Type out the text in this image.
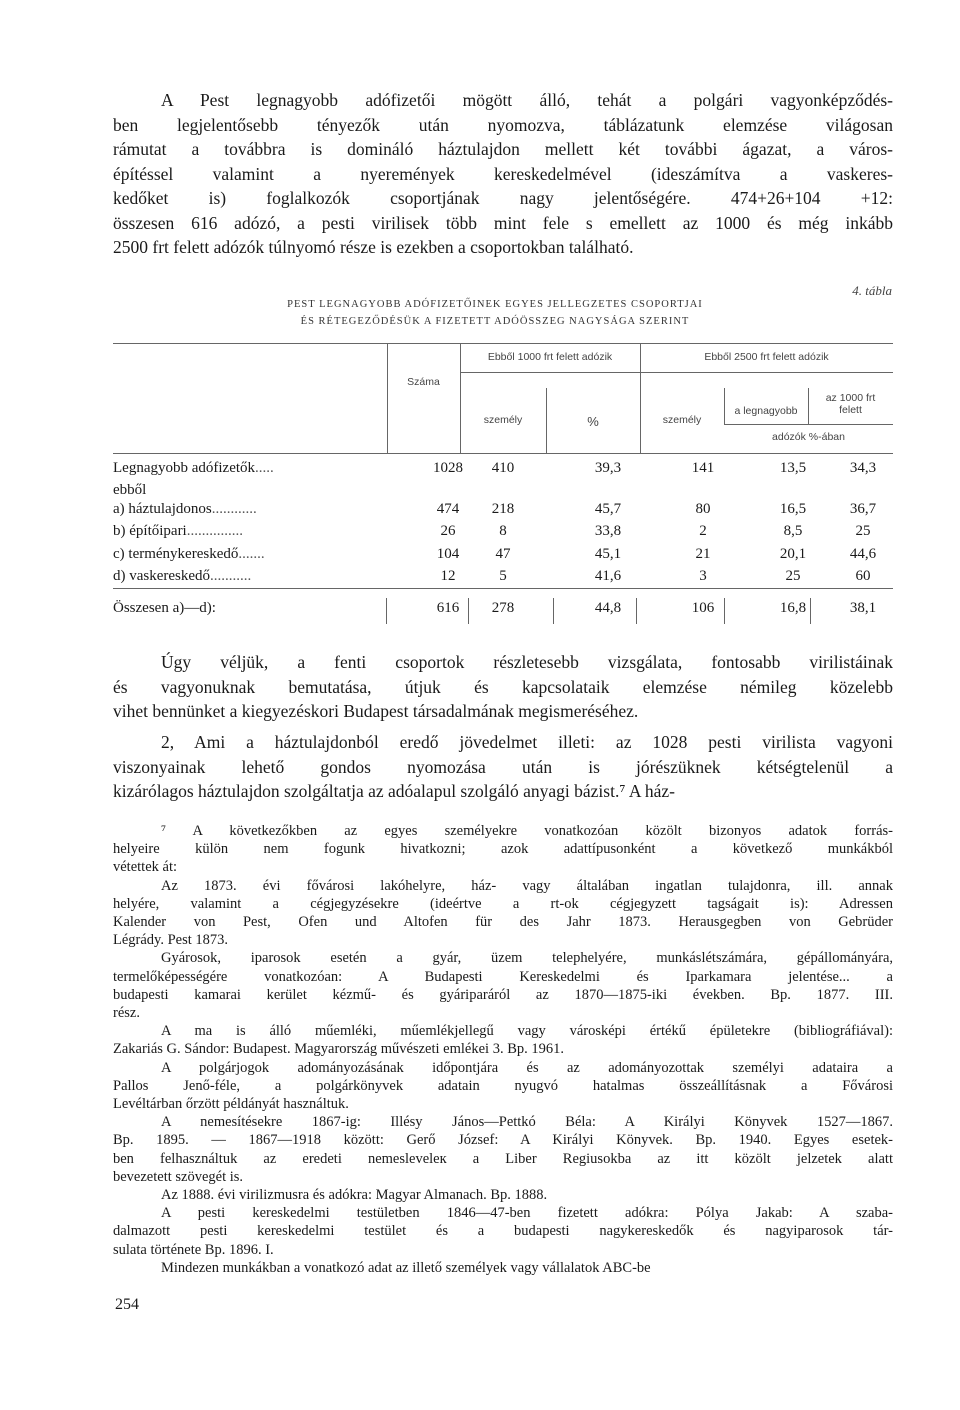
A Pest legnagyobb adófizetői mögött álló, tehát a polgári vagyonképződés-
ben legjelentősebb tényezők után nyomozva, táblázatunk elemzése világosan
rámutat a továbbra is domináló háztulajdon mellett két további ágazat, a város-
építéssel valamint a nyeremények kereskedelmével (ideszámítva a vaskeres-
kedőket is) foglalkozók csoportjának nagy jelentőségére. 474+26+104 +12:
összesen 616 adózó, a pesti virilisek több mint fele s emellett az 1000 és még inkább
2500 frt felett adózók túlnyomó része is ezekben a csoportokban található.

4. tábla
PEST LEGNAGYOBB ADÓFIZETŐINEK EGYES JELLEGZETES CSOPORTJAI
ÉS RÉTEGEZŐDÉSÜK A FIZETETT ADÓÖSSZEG NAGYSÁGA SZERINT
Száma
Ebből 1000 frt felett adózik	Ebből 2500 frt felett adózik
személy	%	személy
a legnagyobb
az 1000 frt
felett
adózók %-ában
Legnagyobb adófizetők.....	1028	410	39,3	141	13,5	34,3
ebből
a) háztulajdonos............	474	218	45,7	80	16,5	36,7
b) építőipari...............	26	8	33,8	2	8,5	25
c) terménykereskedő.......	104	47	45,1	21	20,1	44,6
d) vaskereskedő...........	12	5	41,6	3	25	60
Összesen a)—d):	616	278	44,8	106	16,8	38,1

Úgy véljük, a fenti csoportok részletesebb vizsgálata, fontosabb virilistáinak
és vagyonuknak bemutatása, útjuk és kapcsolataik elemzése némileg közelebb
vihet bennünket a kiegyezéskori Budapest társadalmának megismeréséhez.

2, Ami a háztulajdonból eredő jövedelmet illeti: az 1028 pesti virilista vagyoni
viszonyainak lehető gondos nyomozása után is jórészüknek kétségtelenül a
kizárólagos háztulajdon szolgáltatja az adóalapul szolgáló anyagi bázist.⁷ A ház-

⁷ A következőkben az egyes személyekre vonatkozóan közölt bizonyos adatok forrás-
helyeire külön nem fogunk hivatkozni; azok adattípusonként a következő munkákból
vétettek át:
Az 1873. évi fővárosi lakóhelyre, ház- vagy általában ingatlan tulajdonra, ill. annak
helyére, valamint a cégjegyzésekre (ideértve a rt-ok cégjegyzett tagságait is): Adressen
Kalender von Pest, Ofen und Altofen für des Jahr 1873. Herausgegben von Gebrüder
Légrády. Pest 1873.
Gyárosok, iparosok esetén a gyár, üzem telephelyére, munkáslétszámára, gépállományára,
termelőképességére vonatkozóan: A Budapesti Kereskedelmi és Iparkamara jelentése... a
budapesti kamarai kerület kézmű- és gyáriparáról az 1870—1875-iki években. Bp. 1877. III.
rész.
A ma is álló műemléki, műemlékjellegű vagy városképi értékű épületekre (bibliográfiával):
Zakariás G. Sándor: Budapest. Magyarország művészeti emlékei 3. Bp. 1961.
A polgárjogok adományozásának időpontjára és az adományozottak személyi adataira a
Pallos Jenő-féle, a polgárkönyvek adatain nyugvó hatalmas összeállításnak a Fővárosi
Levéltárban őrzött példányát használtuk.
A nemesítésekre 1867-ig: Illésy János—Pettkó Béla: A Királyi Könyvek 1527—1867.
Bp. 1895. — 1867—1918 között: Gerő József: A Királyi Könyvek. Bp. 1940. Egyes esetek-
ben felhasználtuk az eredeti nemesleveleк a Liber Regiusokba az itt közölt jelzetek alatt
bevezetett szövegét is.
Az 1888. évi virilizmusra és adókra: Magyar Almanach. Bp. 1888.
A pesti kereskedelmi testületben 1846—47-ben fizetett adókra: Pólya Jakab: A szaba-
dalmazott pesti kereskedelmi testület és a budapesti nagykereskedők és nagyiparosok tár-
sulata története Bp. 1896. I.
Mindezen munkákban a vonatkozó adat az illető személyek vagy vállalatok ABC-be
254
